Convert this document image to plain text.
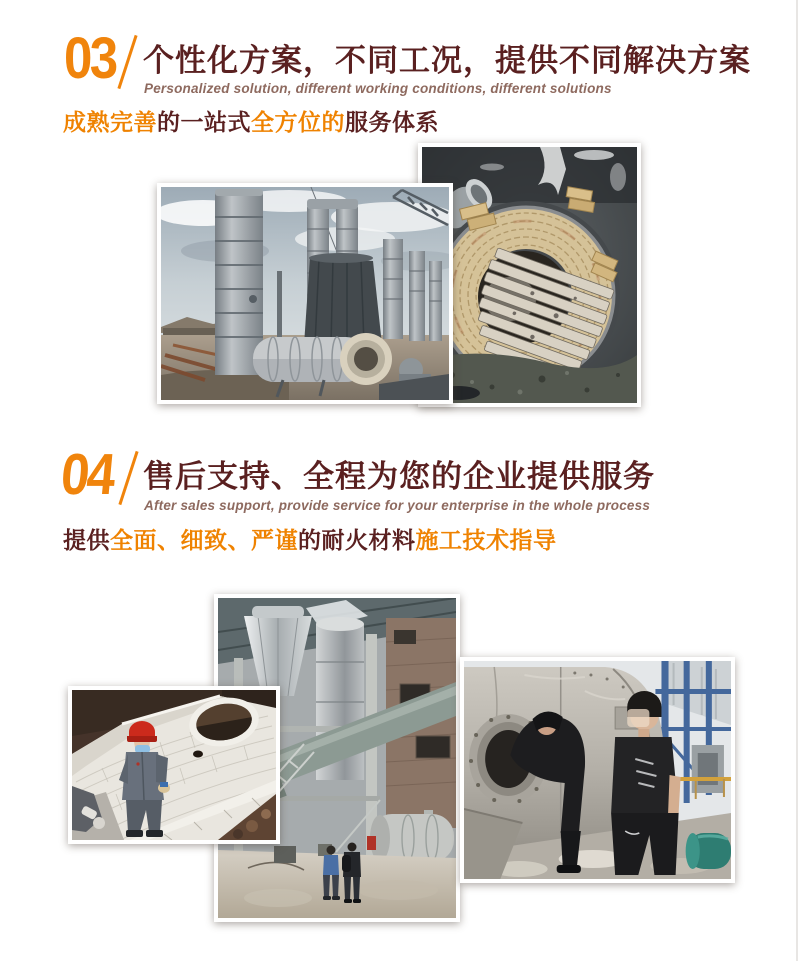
03 个性化方案，不同工况，提供不同解决方案
Personalized solution, different working conditions, different solutions
成熟完善 的一站式 全方位的 服务体系
04 售后支持、全程为您的企业提供服务
After sales support, provide service for your enterprise in the whole process
提供 全面、细致、严谨 的耐火材料 施工技术指导
